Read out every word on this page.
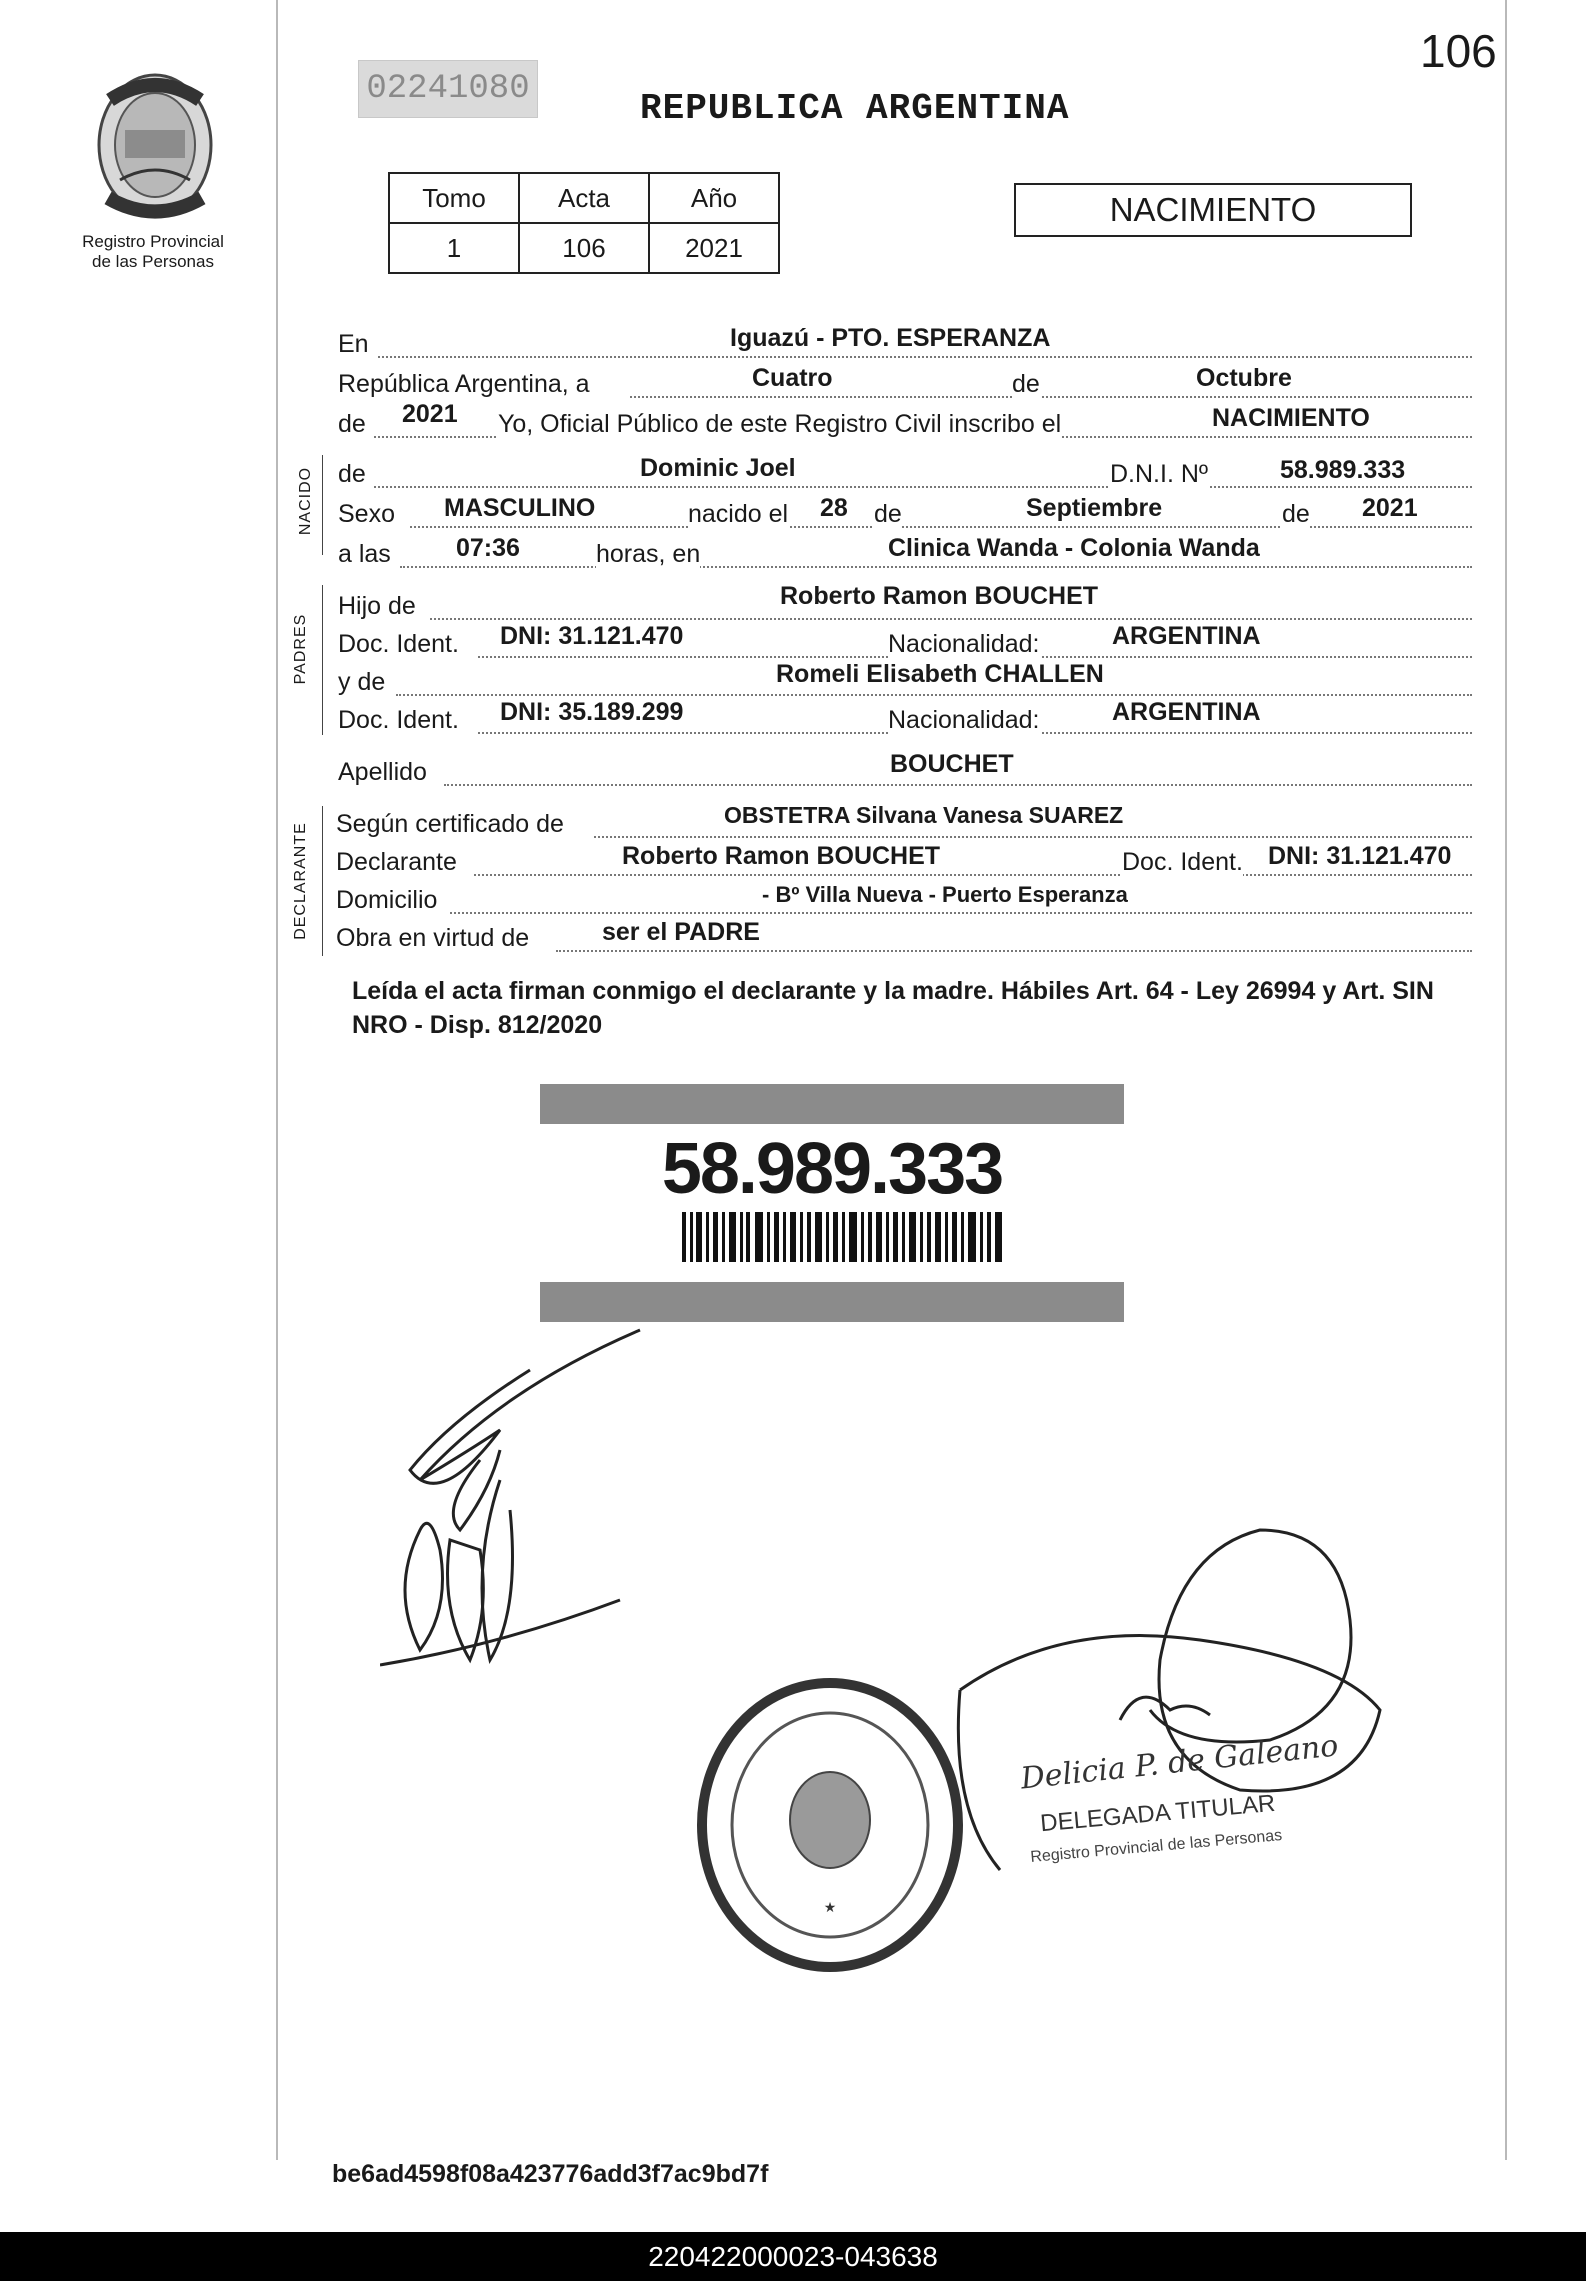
Registro Provincial
de las Personas
02241080	REPUBLICA ARGENTINA
106
Tomo	Acta	Año
1	106	2021
NACIMIENTO
En	Iguazú - PTO. ESPERANZA
República Argentina, a	Cuatro	de	Octubre
de 2021 Yo, Oficial Público de este Registro Civil inscribo el	NACIMIENTO
NACIDO de	Dominic Joel	D.N.I. Nº	58.989.333
Sexo MASCULINO	nacido el 28 de	Septiembre	de 2021
a las	07:36	horas, en	Clinica Wanda - Colonia Wanda
PADRES
Hijo de	Roberto Ramon BOUCHET
Doc. Ident. DNI: 31.121.470	Nacionalidad:	ARGENTINA
y de	Romeli Elisabeth CHALLEN
Doc. Ident. DNI: 35.189.299	Nacionalidad:	ARGENTINA
Apellido	BOUCHET
DECLARANTE Según certificado de	OBSTETRA Silvana Vanesa SUAREZ
Declarante	Roberto Ramon BOUCHET	Doc. Ident. DNI: 31.121.470
Domicilio	- Bº Villa Nueva - Puerto Esperanza
Obra en virtud de	ser el PADRE
Leída el acta firman conmigo el declarante y la madre. Hábiles Art. 64 - Ley 26994 y Art. SIN NRO - Disp. 812/2020
58.989.333
★
Delicia P. de Galeano
DELEGADA TITULAR
Registro Provincial de las Personas
be6ad4598f08a423776add3f7ac9bd7f
220422000023-043638
